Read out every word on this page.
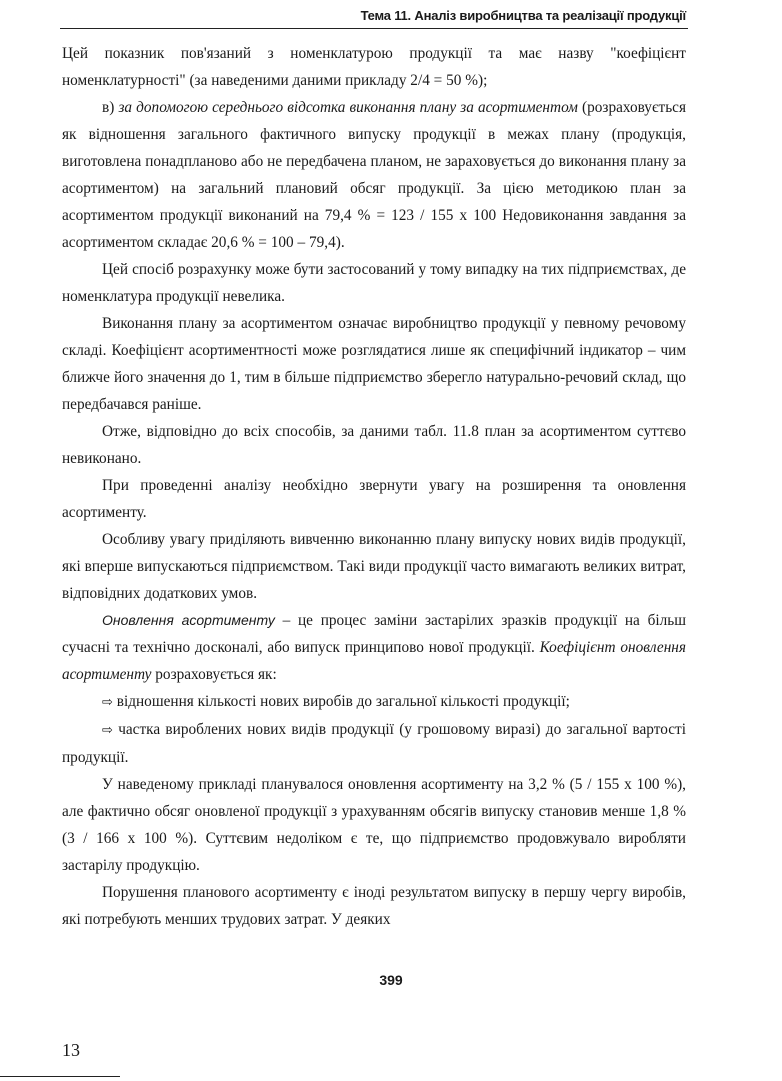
Тема 11. Аналіз виробництва та реалізації продукції

Цей показник пов'язаний з номенклатурою продукції та має назву "коефіцієнт номенклатурності" (за наведеними даними прикладу 2/4 = 50 %);

в) за допомогою середнього відсотка виконання плану за асортиментом (розраховується як відношення загального фактичного випуску продукції в межах плану (продукція, виготовлена понадпланово або не передбачена планом, не зараховується до виконання плану за асортиментом) на загальний плановий обсяг продукції. За цією методикою план за асортиментом продукції виконаний на 79,4 % = 123 / 155 х 100 Недовиконання завдання за асортиментом складає 20,6 % = 100 – 79,4).

Цей спосіб розрахунку може бути застосований у тому випадку на тих підприємствах, де номенклатура продукції невелика.

Виконання плану за асортиментом означає виробництво продукції у певному речовому складі. Коефіцієнт асортиментності може розглядатися лише як специфічний індикатор – чим ближче його значення до 1, тим в більше підприємство зберегло натурально-речовий склад, що передбачався раніше.

Отже, відповідно до всіх способів, за даними табл. 11.8 план за асортиментом суттєво невиконано.

При проведенні аналізу необхідно звернути увагу на розширення та оновлення асортименту.

Особливу увагу приділяють вивченню виконанню плану випуску нових видів продукції, які вперше випускаються підприємством. Такі види продукції часто вимагають великих витрат, відповідних додаткових умов.

Оновлення асортименту – це процес заміни застарілих зразків продукції на більш сучасні та технічно досконалі, або випуск принципово нової продукції. Коефіцієнт оновлення асортименту розраховується як:

⇨ відношення кількості нових виробів до загальної кількості продукції;

⇨ частка вироблених нових видів продукції (у грошовому виразі) до загальної вартості продукції.

У наведеному прикладі планувалося оновлення асортименту на 3,2 % (5 / 155 х 100 %), але фактично обсяг оновленої продукції з урахуванням обсягів випуску становив менше 1,8 % (3 / 166 х 100 %). Суттєвим недоліком є те, що підприємство продовжувало виробляти застарілу продукцію.

Порушення планового асортименту є іноді результатом випуску в першу чергу виробів, які потребують менших трудових затрат. У деяких

399
13
